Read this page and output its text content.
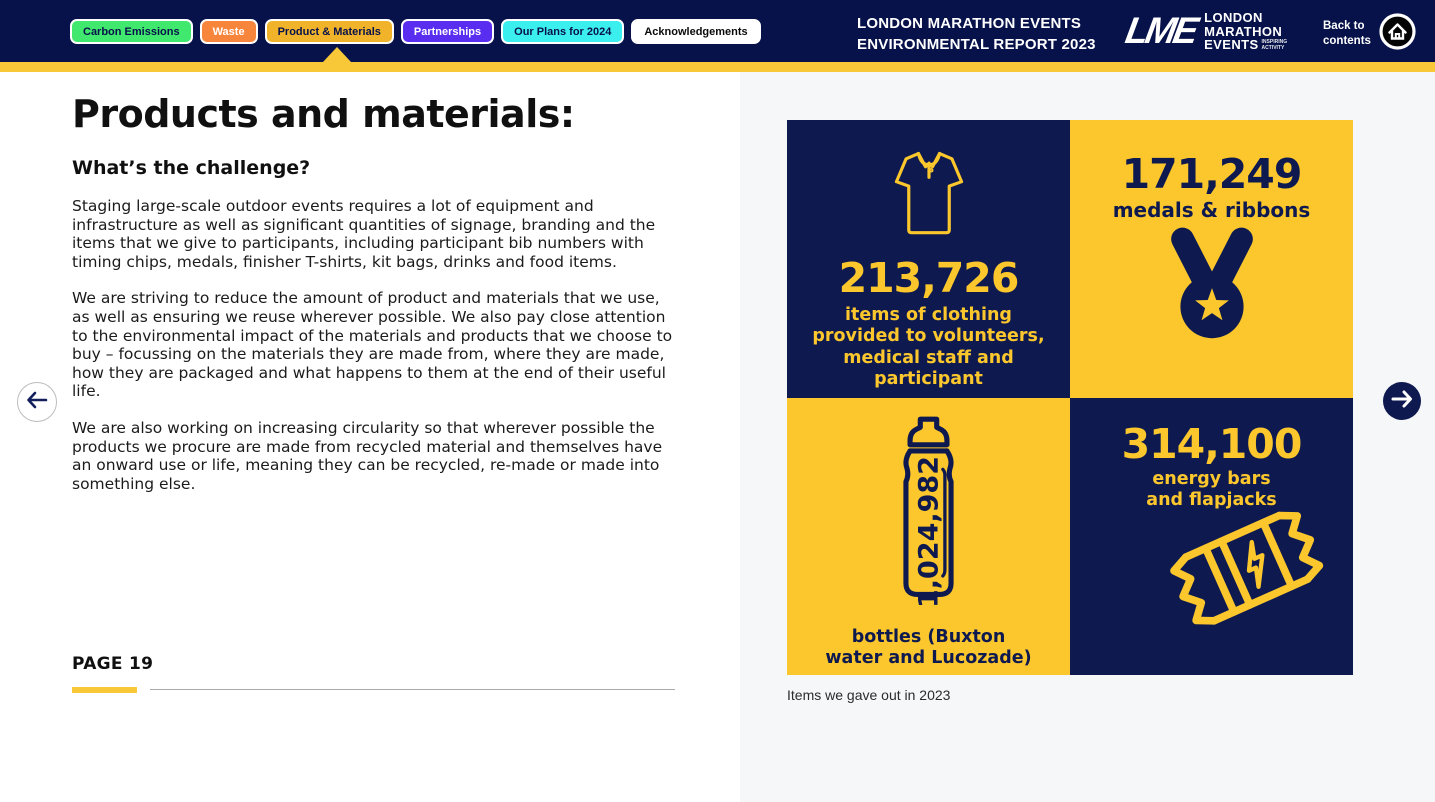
Carbon Emissions	Waste	Product & Materials	Partnerships	Our Plans for 2024	Acknowledgements	LONDON MARATHON EVENTS
ENVIRONMENTAL REPORT 2023 LME LONDON
MARATHON
EVENTS INSPIRING ACTIVITY
Back to
contents
Products and materials:
What’s the challenge?

Staging large-scale outdoor events requires a lot of equipment and infrastructure as well as significant quantities of signage, branding and the items that we give to participants, including participant bib numbers with timing chips, medals, finisher T-shirts, kit bags, drinks and food items.

We are striving to reduce the amount of product and materials that we use, as well as ensuring we reuse wherever possible. We also pay close attention to the environmental impact of the materials and products that we choose to buy – focussing on the materials they are made from, where they are made, how they are packaged and what happens to them at the end of their useful life.

We are also working on increasing circularity so that wherever possible the products we procure are made from recycled material and themselves have an onward use or life, meaning they can be recycled, re-made or made into something else.

PAGE 19
213,726
items of clothing provided to volunteers, medical staff and participant
171,249
medals & ribbons
1,024,982
bottles (Buxton water and Lucozade)
314,100
energy bars and flapjacks
Items we gave out in 2023
